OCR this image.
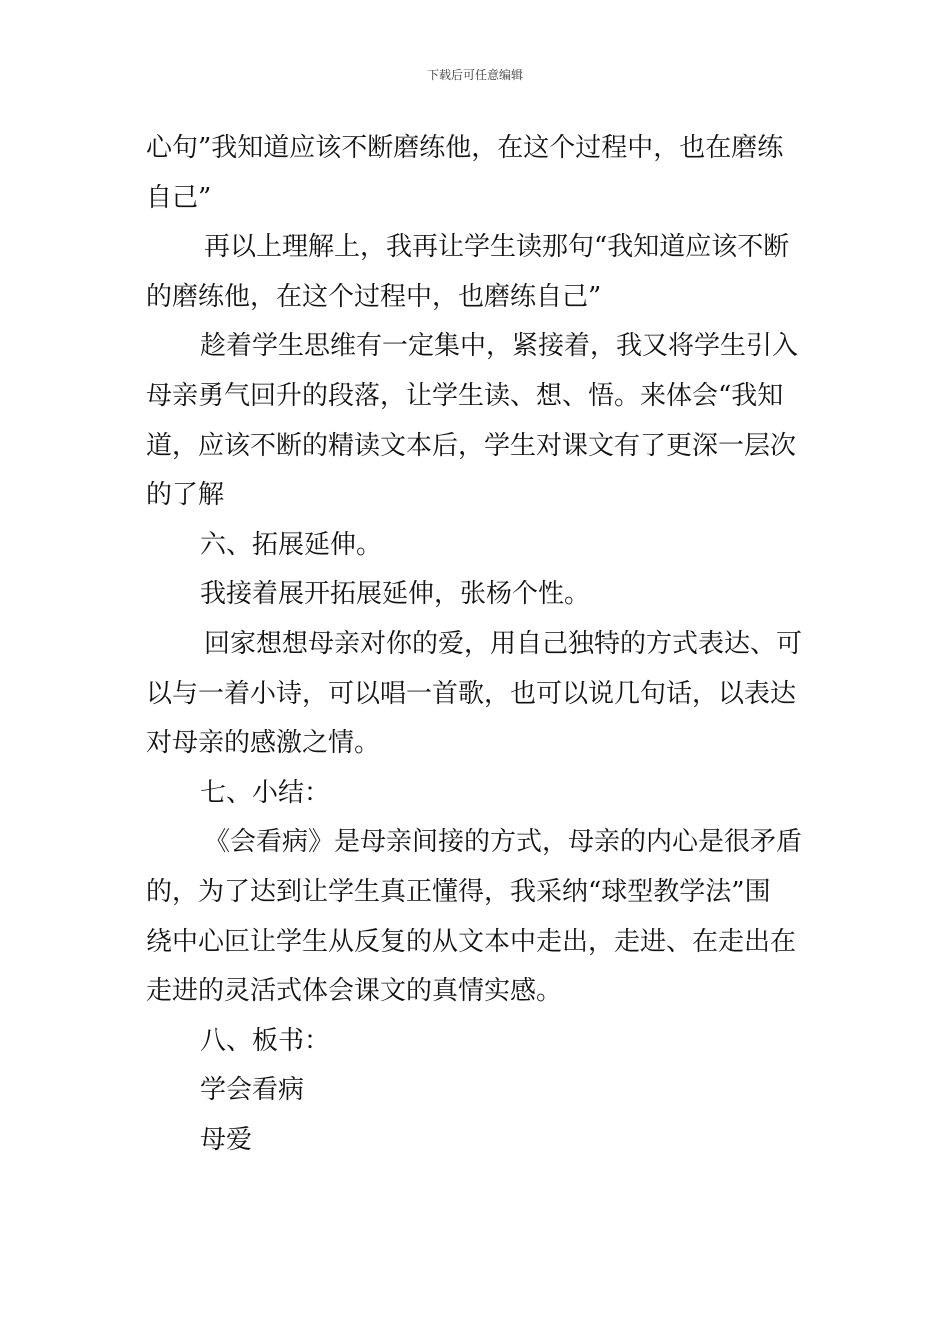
下载后可任意编辑

心句”我知道应该不断磨练他，在这个过程中，也在磨练
自己”

再以上理解上，我再让学生读那句“我知道应该不断
的磨练他，在这个过程中，也磨练自己”

趁着学生思维有一定集中，紧接着，我又将学生引入
母亲勇气回升的段落，让学生读、想、悟。来体会“我知
道，应该不断的精读文本后，学生对课文有了更深一层次
的了解

六、拓展延伸。

我接着展开拓展延伸，张杨个性。

回家想想母亲对你的爱，用自己独特的方式表达、可
以与一着小诗，可以唱一首歌，也可以说几句话，以表达
对母亲的感激之情。

七、小结：

《会看病》是母亲间接的方式，母亲的内心是很矛盾
的，为了达到让学生真正懂得，我采纳“球型教学法”围
绕中心叵让学生从反复的从文本中走出，走进、在走出在
走进的灵活式体会课文的真情实感。

八、板书：

学会看病

母爱
